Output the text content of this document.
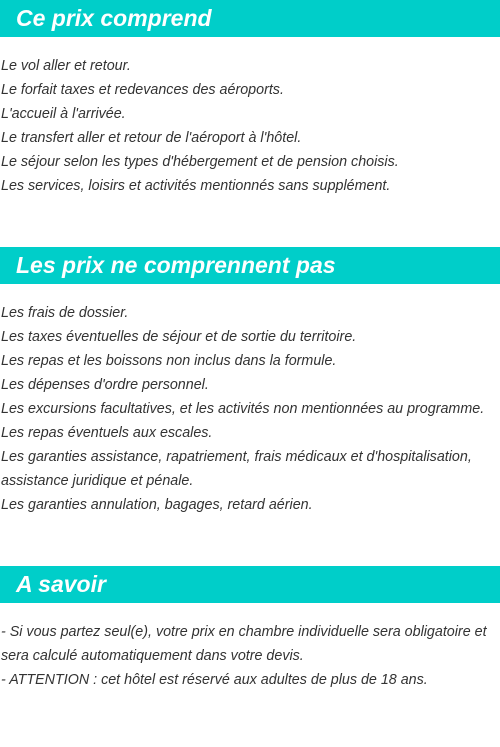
Ce prix comprend

Le vol aller et retour.

Le forfait taxes et redevances des aéroports.

L'accueil à l'arrivée.

Le transfert aller et retour de l'aéroport à l'hôtel.

Le séjour selon les types d'hébergement et de pension choisis.

Les services, loisirs et activités mentionnés sans supplément.

Les prix ne comprennent pas

Les frais de dossier.

Les taxes éventuelles de séjour et de sortie du territoire.

Les repas et les boissons non inclus dans la formule.

Les dépenses d'ordre personnel.

Les excursions facultatives, et les activités non mentionnées au programme.

Les repas éventuels aux escales.

Les garanties assistance, rapatriement, frais médicaux et d'hospitalisation, assistance juridique et pénale.

Les garanties annulation, bagages, retard aérien.

A savoir

- Si vous partez seul(e), votre prix en chambre individuelle sera obligatoire et sera calculé automatiquement dans votre devis.

- ATTENTION : cet hôtel est réservé aux adultes de plus de 18 ans.
